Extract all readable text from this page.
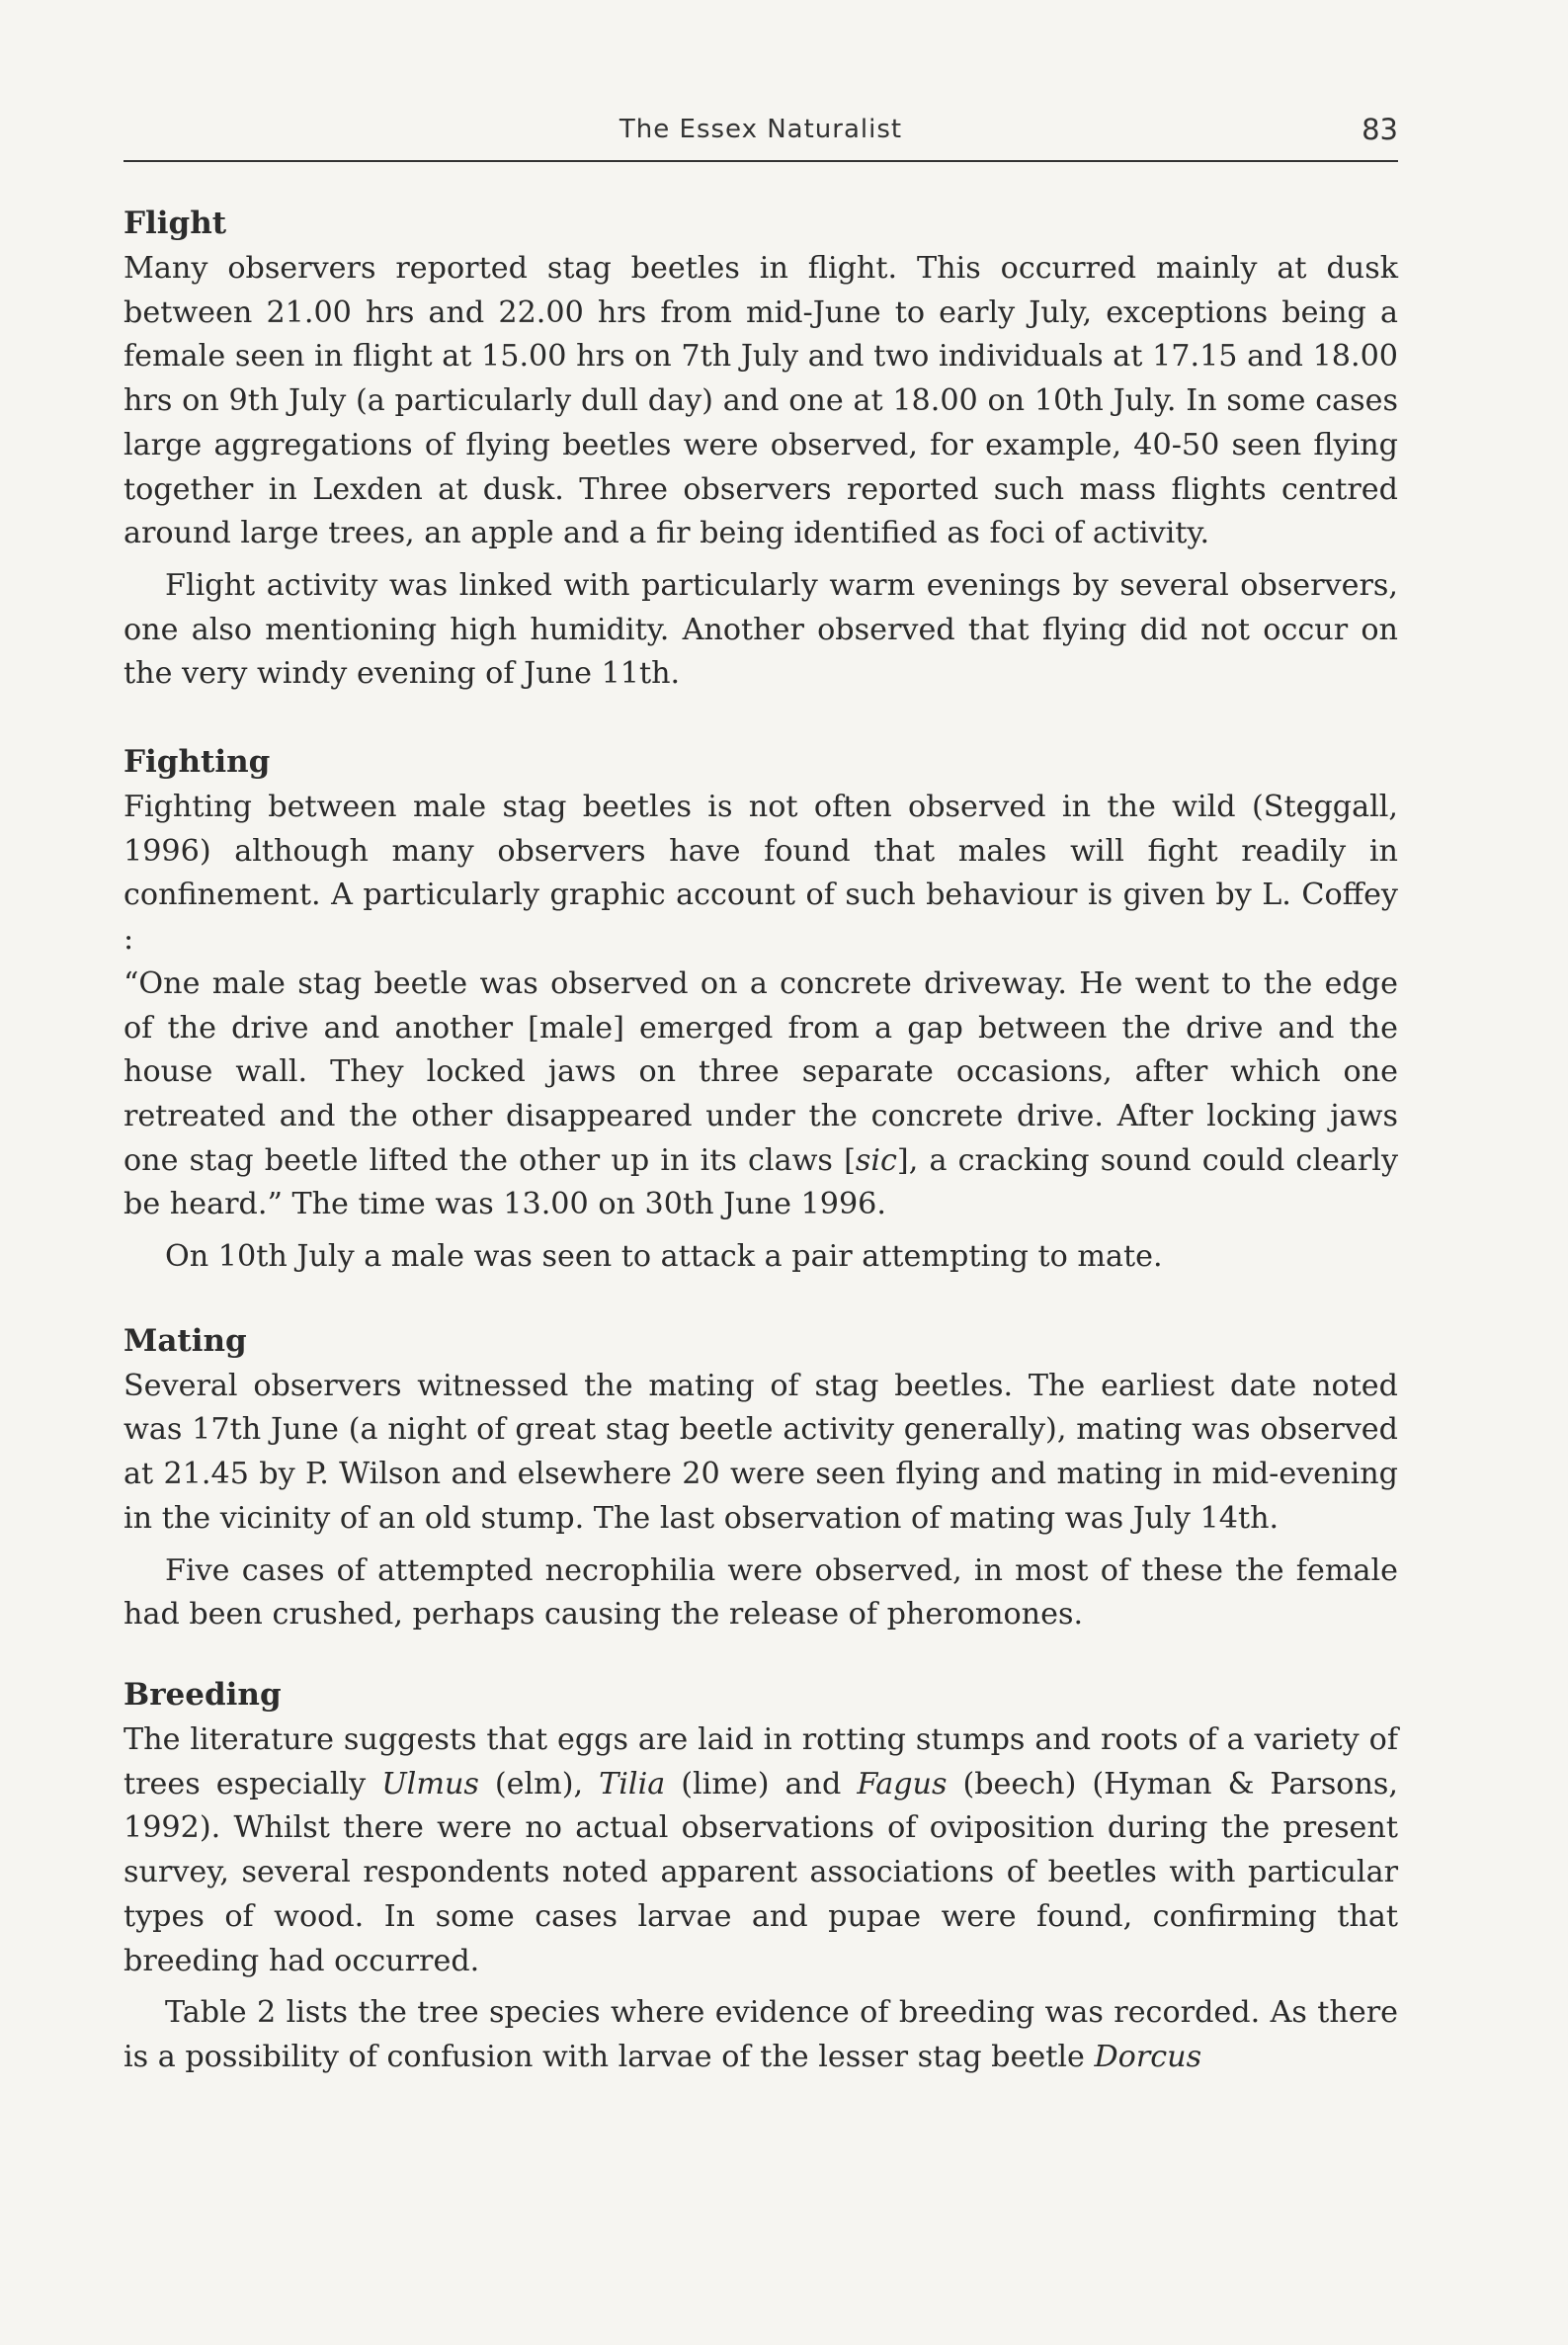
The Essex Naturalist	83
Flight

Many observers reported stag beetles in flight. This occurred mainly at dusk between 21.00 hrs and 22.00 hrs from mid-June to early July, exceptions being a female seen in flight at 15.00 hrs on 7th July and two individuals at 17.15 and 18.00 hrs on 9th July (a particularly dull day) and one at 18.00 on 10th July. In some cases large aggregations of flying beetles were observed, for example, 40-50 seen flying together in Lexden at dusk. Three observers reported such mass flights centred around large trees, an apple and a fir being identified as foci of activity.

Flight activity was linked with particularly warm evenings by several observers, one also mentioning high humidity. Another observed that flying did not occur on the very windy evening of June 11th.

Fighting

Fighting between male stag beetles is not often observed in the wild (Steggall, 1996) although many observers have found that males will fight readily in confinement. A particularly graphic account of such behaviour is given by L. Coffey :

“One male stag beetle was observed on a concrete driveway. He went to the edge of the drive and another [male] emerged from a gap between the drive and the house wall. They locked jaws on three separate occasions, after which one retreated and the other disappeared under the concrete drive. After locking jaws one stag beetle lifted the other up in its claws [sic], a cracking sound could clearly be heard.” The time was 13.00 on 30th June 1996.

On 10th July a male was seen to attack a pair attempting to mate.

Mating

Several observers witnessed the mating of stag beetles. The earliest date noted was 17th June (a night of great stag beetle activity generally), mating was observed at 21.45 by P. Wilson and elsewhere 20 were seen flying and mating in mid-evening in the vicinity of an old stump. The last observation of mating was July 14th.

Five cases of attempted necrophilia were observed, in most of these the female had been crushed, perhaps causing the release of pheromones.

Breeding

The literature suggests that eggs are laid in rotting stumps and roots of a variety of trees especially Ulmus (elm), Tilia (lime) and Fagus (beech) (Hyman & Parsons, 1992). Whilst there were no actual observations of oviposition during the present survey, several respondents noted apparent associations of beetles with particular types of wood. In some cases larvae and pupae were found, confirming that breeding had occurred.

Table 2 lists the tree species where evidence of breeding was recorded. As there is a possibility of confusion with larvae of the lesser stag beetle Dorcus
